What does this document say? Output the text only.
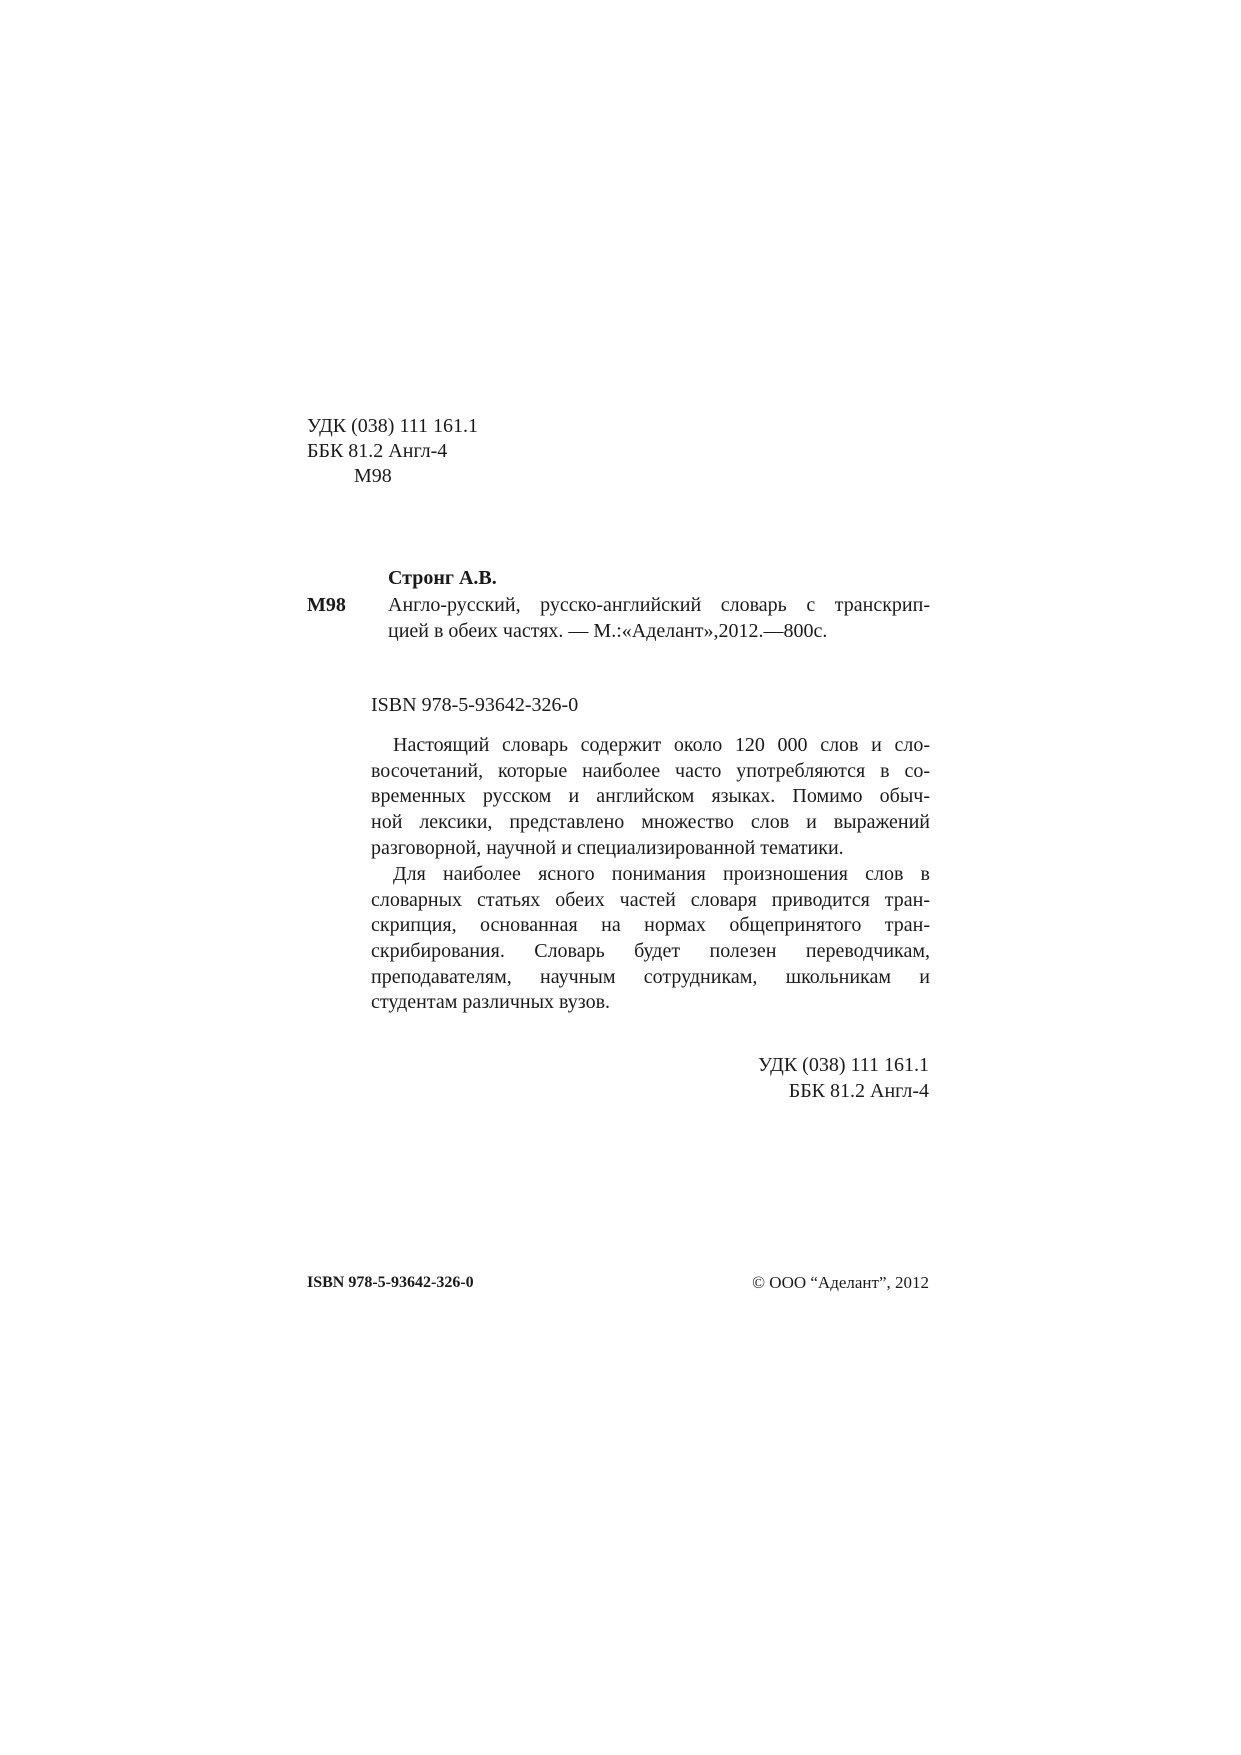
УДК (038) 111 161.1
ББК 81.2 Англ-4
М98
Стронг А.В.
М98 Англо-русский, русско-английский словарь с транскрип-
цией в обеих частях. — М.:«Аделант»,2012.—800с.
ISBN 978-5-93642-326-0
Настоящий словарь содержит около 120 000 слов и сло-
восочетаний, которые наиболее часто употребляются в со-
временных русском и английском языках. Помимо обыч-
ной лексики, представлено множество слов и выражений
разговорной, научной и специализированной тематики.
Для наиболее ясного понимания произношения слов в
словарных статьях обеих частей словаря приводится тран-
скрипция, основанная на нормах общепринятого тран-
скрибирования. Словарь будет полезен переводчикам,
преподавателям, научным сотрудникам, школьникам и
студентам различных вузов.
УДК (038) 111 161.1
ББК 81.2 Англ-4
ISBN 978-5-93642-326-0	© ООО “Аделант”, 2012
